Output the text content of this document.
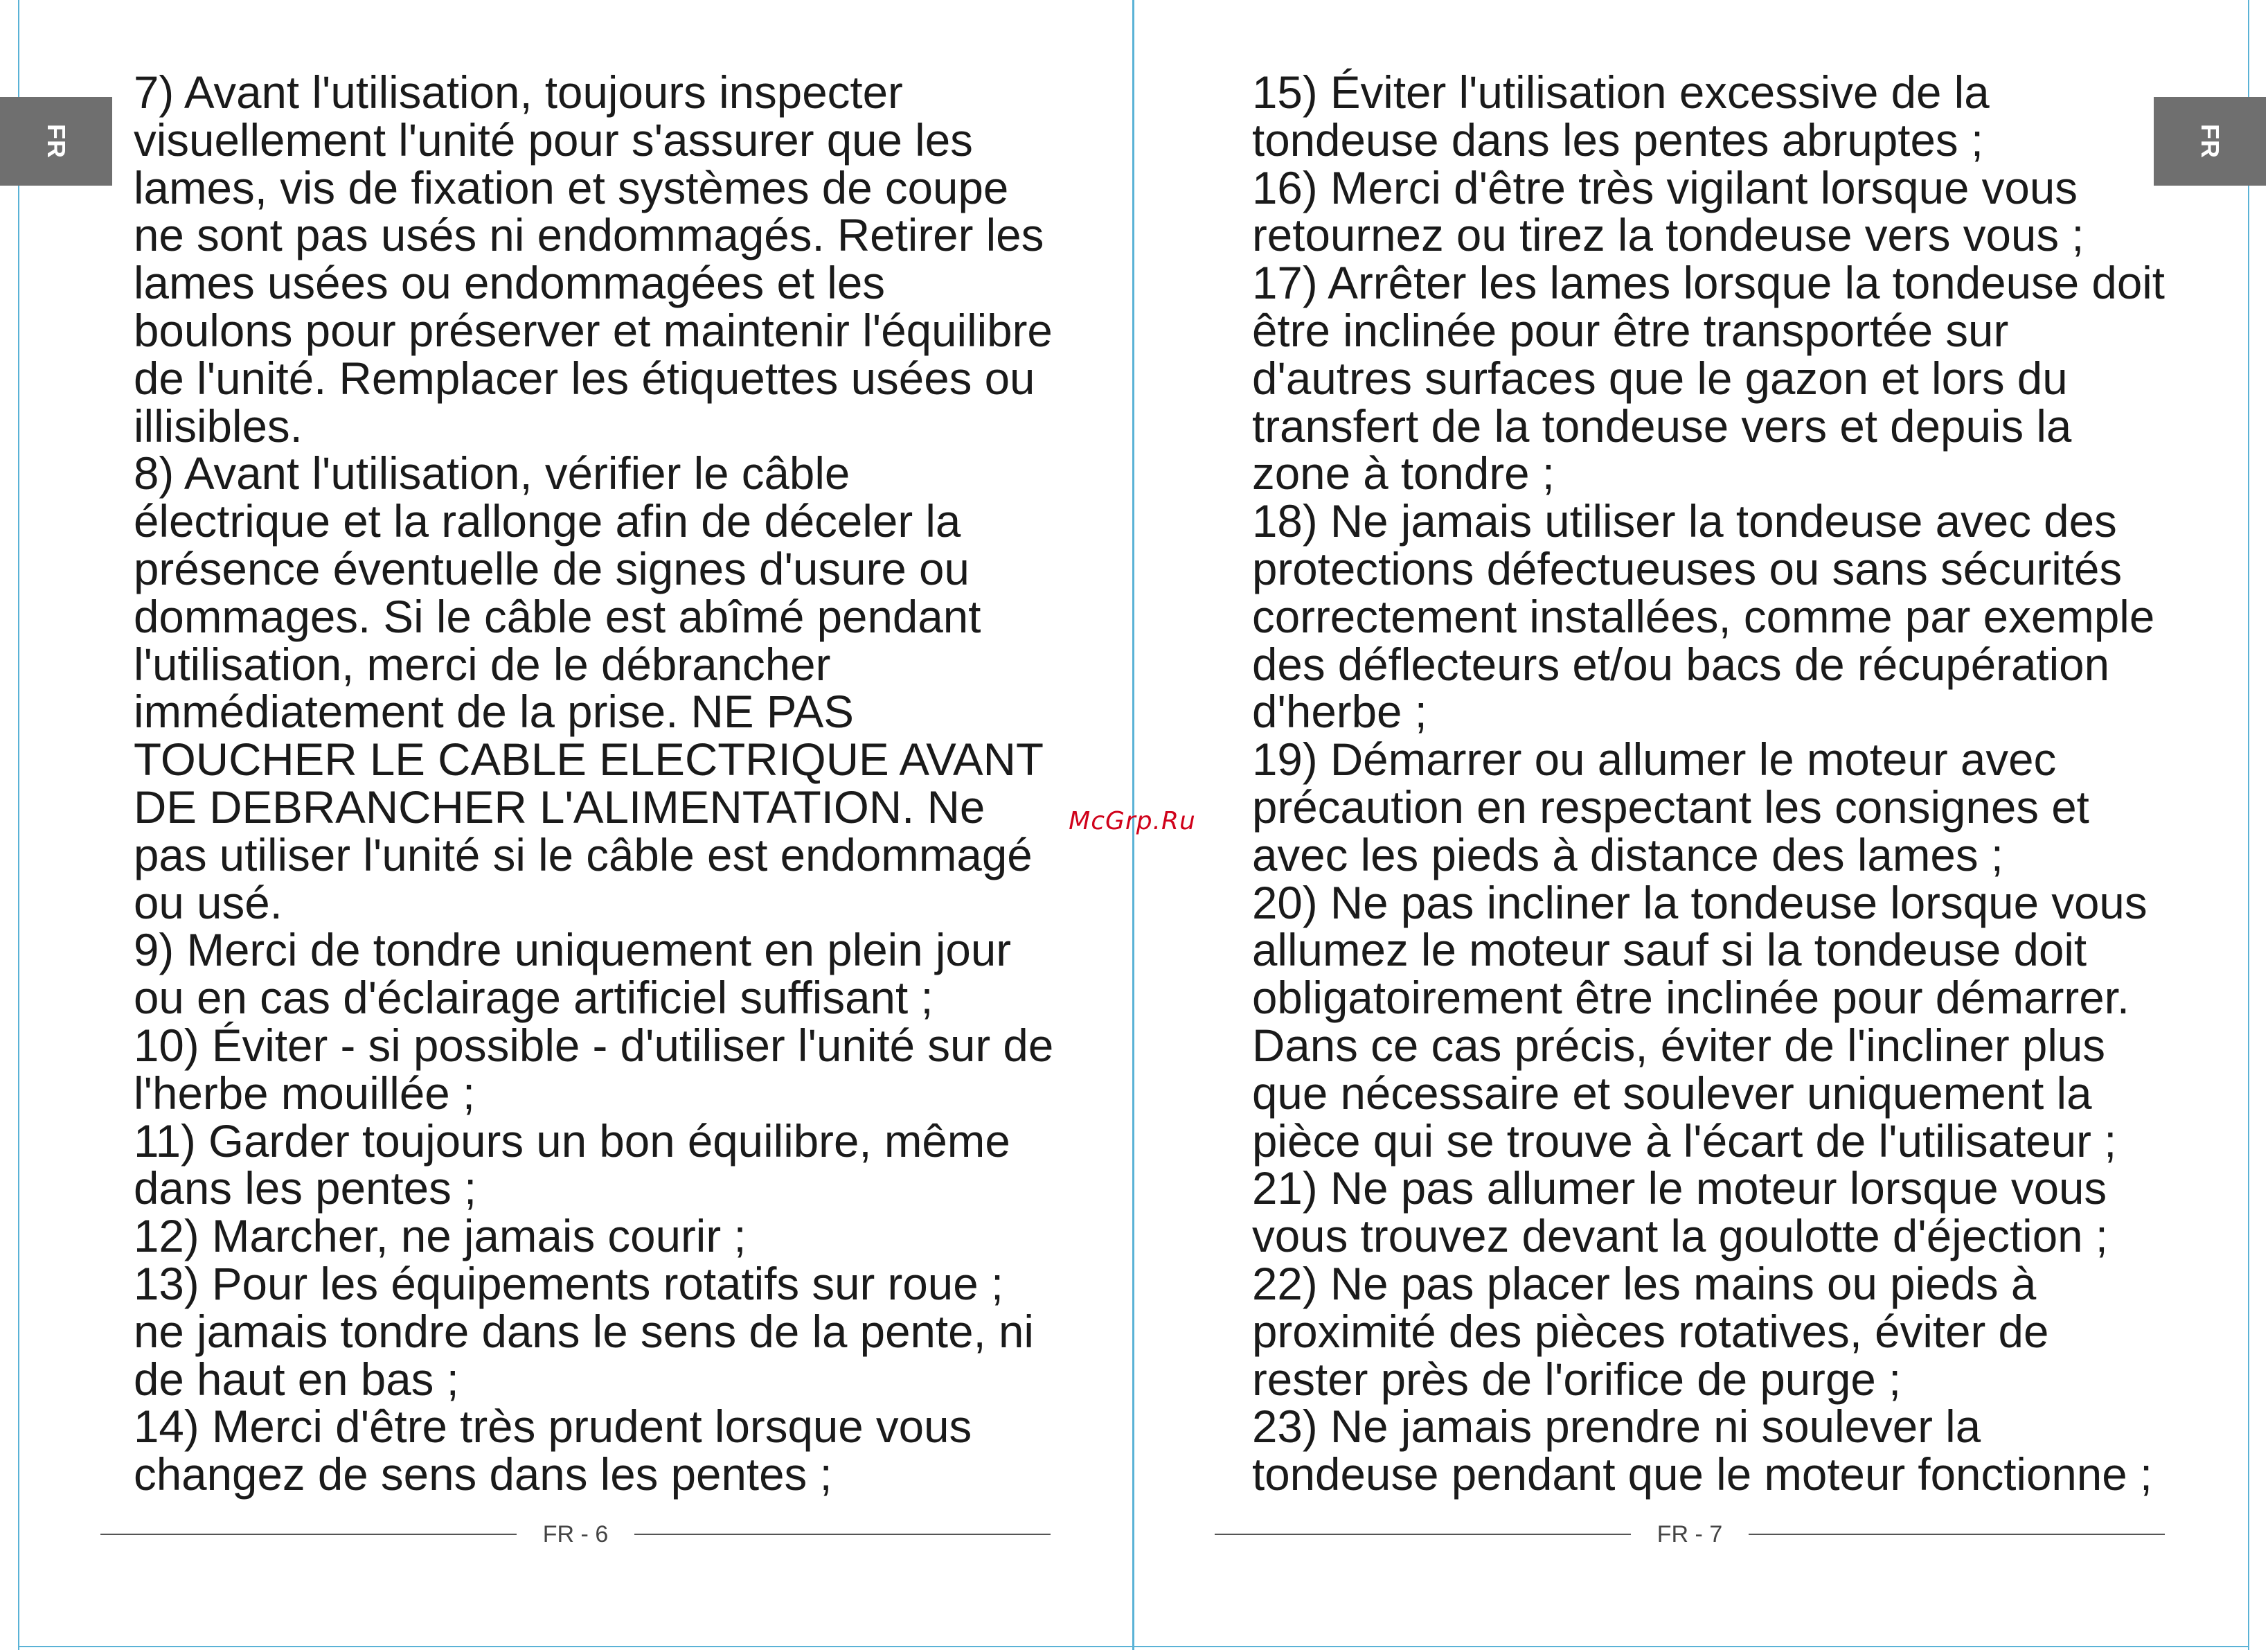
FR
7) Avant l'utilisation, toujours inspecter visuellement l'unité pour s'assurer que les lames, vis de fixation et systèmes de coupe ne sont pas usés ni endommagés. Retirer les lames usées ou endommagées et les boulons pour préserver et maintenir l'équilibre de l'unité. Remplacer les étiquettes usées ou illisibles.
8) Avant l'utilisation, vérifier le câble électrique et la rallonge afin de déceler la présence éventuelle de signes d'usure ou dommages. Si le câble est abîmé pendant l'utilisation, merci de le débrancher immédiatement de la prise. NE PAS TOUCHER LE CABLE ELECTRIQUE AVANT DE DEBRANCHER L'ALIMENTATION. Ne pas utiliser l'unité si le câble est endommagé ou usé.
9) Merci de tondre uniquement en plein jour ou en cas d'éclairage artificiel suffisant ;
10) Éviter - si possible - d'utiliser l'unité sur de l'herbe mouillée ;
11) Garder toujours un bon équilibre, même dans les pentes ;
12) Marcher, ne jamais courir ;
13) Pour les équipements rotatifs sur roue ; ne jamais tondre dans le sens de la pente, ni de haut en bas ;
14) Merci d'être très prudent lorsque vous changez de sens dans les pentes ;
FR - 6
15) Éviter l'utilisation excessive de la tondeuse dans les pentes abruptes ;
16) Merci d'être très vigilant lorsque vous retournez ou tirez la tondeuse vers vous ;
17) Arrêter les lames lorsque la tondeuse doit être inclinée pour être transportée sur d'autres surfaces que le gazon et lors du transfert de la tondeuse vers et depuis la zone à tondre ;
18) Ne jamais utiliser la tondeuse avec des protections défectueuses ou sans sécurités correctement installées, comme par exemple des déflecteurs et/ou bacs de récupération d'herbe ;
19) Démarrer ou allumer le moteur avec précaution en respectant les consignes et avec les pieds à distance des lames ;
20) Ne pas incliner la tondeuse lorsque vous allumez le moteur sauf si la tondeuse doit obligatoirement être inclinée pour démarrer. Dans ce cas précis, éviter de l'incliner plus que nécessaire et soulever uniquement la pièce qui se trouve à l'écart de l'utilisateur ;
21) Ne pas allumer le moteur lorsque vous vous trouvez devant la goulotte d'éjection ;
22) Ne pas placer les mains ou pieds à proximité des pièces rotatives, éviter de rester près de l'orifice de purge ;
23) Ne jamais prendre ni soulever la tondeuse pendant que le moteur fonctionne ;
FR - 7
FR
McGrp.Ru
